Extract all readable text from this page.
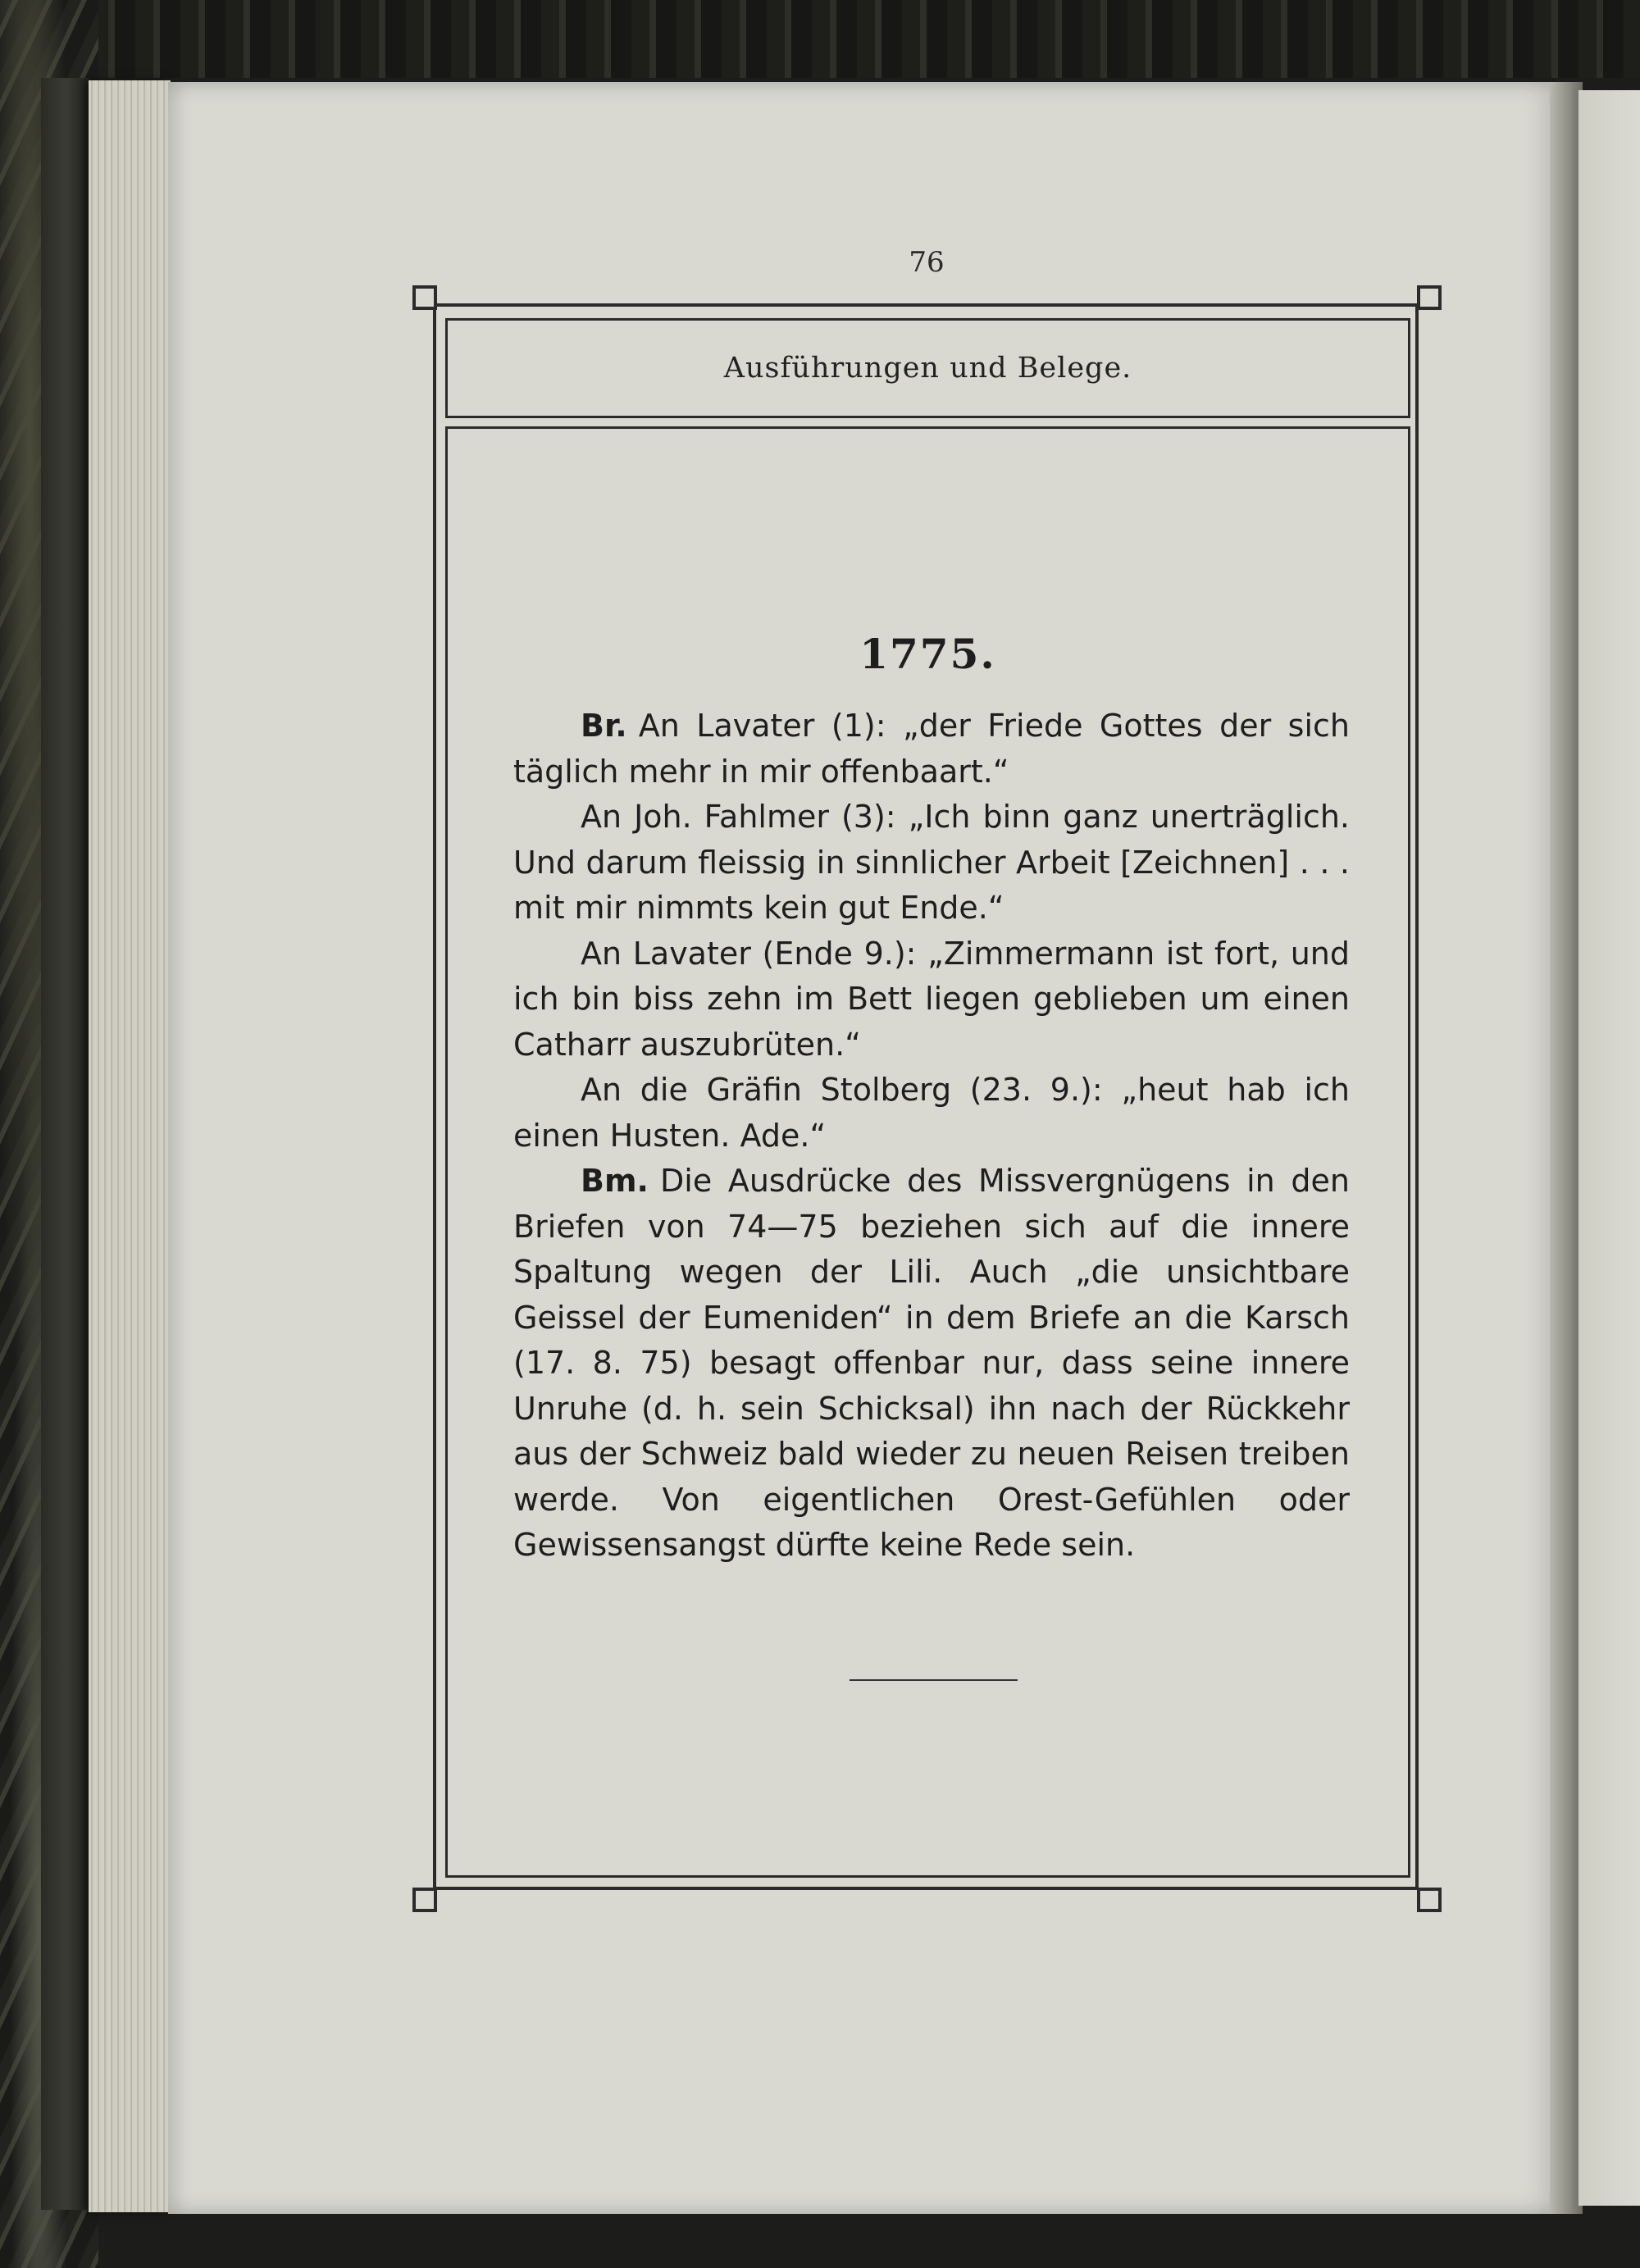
76
Ausführungen und Belege.
1775.

Br. An Lavater (1): „der Friede Gottes der sich täglich mehr in mir offenbaart.“

An Joh. Fahlmer (3): „Ich binn ganz unerträglich. Und darum fleissig in sinnlicher Arbeit [Zeichnen] . . . mit mir nimmts kein gut Ende.“

An Lavater (Ende 9.): „Zimmermann ist fort, und ich bin biss zehn im Bett liegen geblieben um einen Catharr auszubrüten.“

An die Gräfin Stolberg (23. 9.): „heut hab ich einen Husten. Ade.“

Bm. Die Ausdrücke des Missvergnügens in den Briefen von 74—75 beziehen sich auf die innere Spaltung wegen der Lili. Auch „die unsichtbare Geissel der Eumeniden“ in dem Briefe an die Karsch (17. 8. 75) besagt offenbar nur, dass seine innere Unruhe (d. h. sein Schicksal) ihn nach der Rückkehr aus der Schweiz bald wieder zu neuen Reisen treiben werde. Von eigentlichen Orest-Gefühlen oder Gewissensangst dürfte keine Rede sein.
